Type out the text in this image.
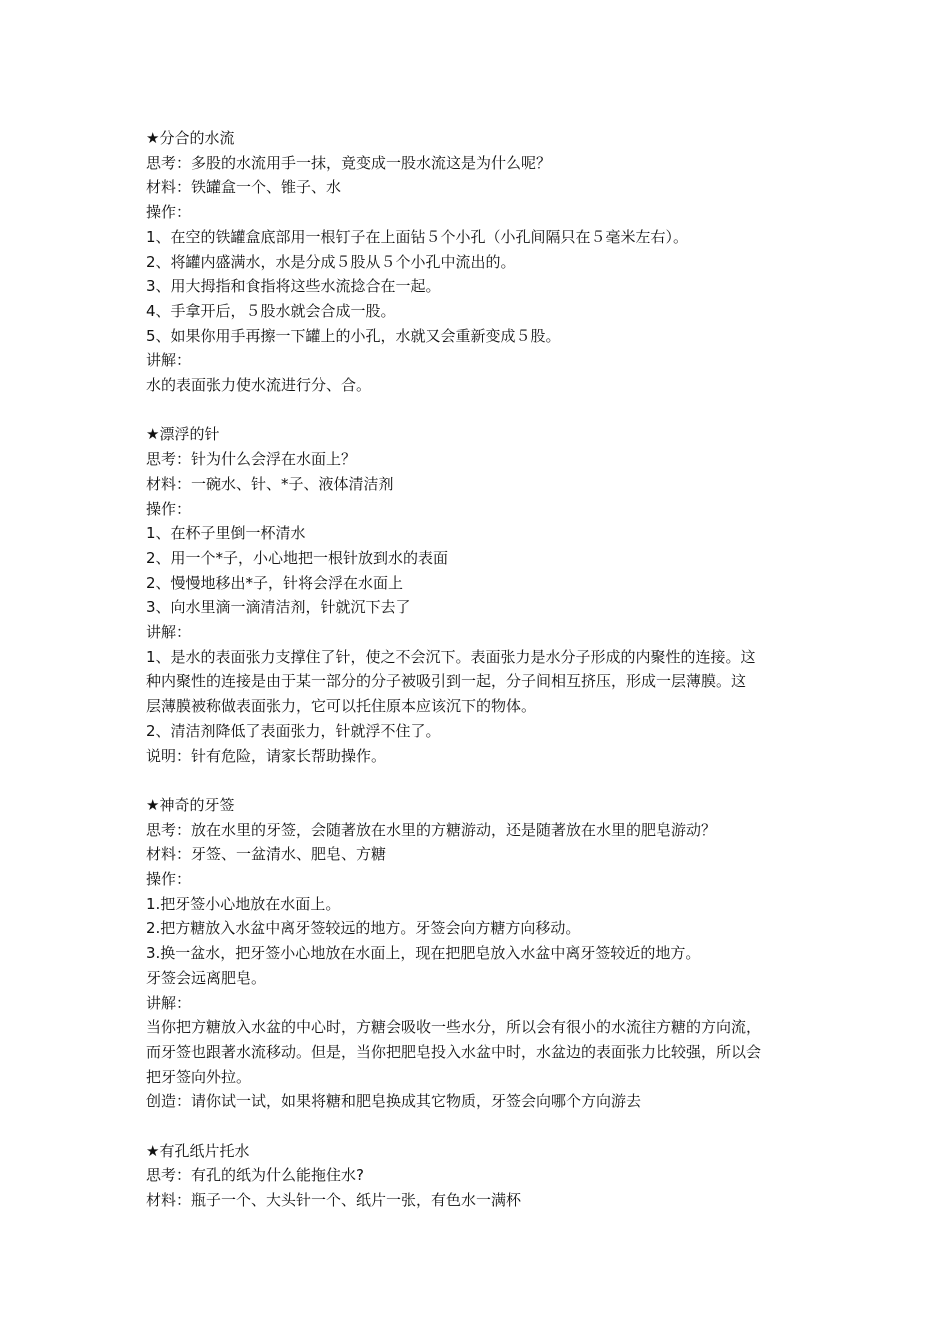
★分合的水流

思考：多股的水流用手一抹，竟变成一股水流这是为什么呢？

材料：铁罐盒一个、锥子、水

操作：

1、在空的铁罐盒底部用一根钉子在上面钻５个小孔（小孔间隔只在５毫米左右）。

2、将罐内盛满水，水是分成５股从５个小孔中流出的。

3、用大拇指和食指将这些水流捻合在一起。

4、手拿开后，５股水就会合成一股。

5、如果你用手再擦一下罐上的小孔，水就又会重新变成５股。

讲解：

水的表面张力使水流进行分、合。

★漂浮的针

思考：针为什么会浮在水面上？

材料：一碗水、针、*子、液体清洁剂

操作：

1、在杯子里倒一杯清水

2、用一个*子，小心地把一根针放到水的表面

2、慢慢地移出*子，针将会浮在水面上

3、向水里滴一滴清洁剂，针就沉下去了

讲解：

1、是水的表面张力支撑住了针，使之不会沉下。表面张力是水分子形成的内聚性的连接。这

种内聚性的连接是由于某一部分的分子被吸引到一起，分子间相互挤压，形成一层薄膜。这

层薄膜被称做表面张力，它可以托住原本应该沉下的物体。

2、清洁剂降低了表面张力，针就浮不住了。

说明：针有危险，请家长帮助操作。

★神奇的牙签

思考：放在水里的牙签，会随著放在水里的方糖游动，还是随著放在水里的肥皂游动？

材料：牙签、一盆清水、肥皂、方糖

操作：

1.把牙签小心地放在水面上。

2.把方糖放入水盆中离牙签较远的地方。牙签会向方糖方向移动。

3.换一盆水，把牙签小心地放在水面上，现在把肥皂放入水盆中离牙签较近的地方。

牙签会远离肥皂。

讲解：

当你把方糖放入水盆的中心时，方糖会吸收一些水分，所以会有很小的水流往方糖的方向流，

而牙签也跟著水流移动。但是，当你把肥皂投入水盆中时，水盆边的表面张力比较强，所以会

把牙签向外拉。

创造：请你试一试，如果将糖和肥皂换成其它物质，牙签会向哪个方向游去

★有孔纸片托水

思考：有孔的纸为什么能拖住水?

材料：瓶子一个、大头针一个、纸片一张，有色水一满杯
